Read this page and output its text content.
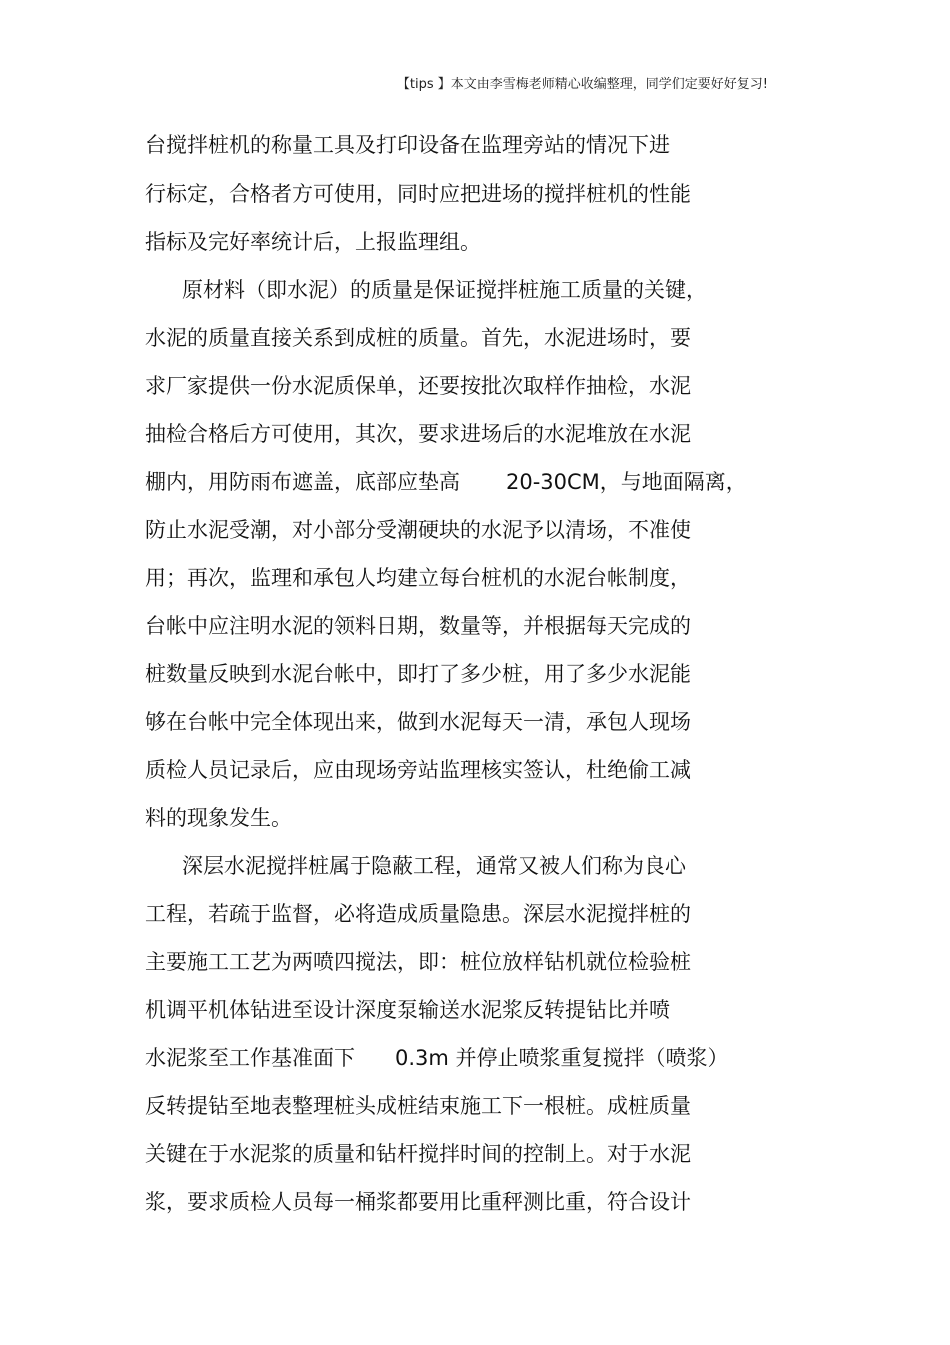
【tips 】本文由李雪梅老师精心收编整理，同学们定要好好复习!
台搅拌桩机的称量工具及打印设备在监理旁站的情况下进
行标定，合格者方可使用，同时应把进场的搅拌桩机的性能
指标及完好率统计后，上报监理组。
原材料（即水泥）的质量是保证搅拌桩施工质量的关键，
水泥的质量直接关系到成桩的质量。首先，水泥进场时，要
求厂家提供一份水泥质保单，还要按批次取样作抽检，水泥
抽检合格后方可使用，其次，要求进场后的水泥堆放在水泥
棚内，用防雨布遮盖，底部应垫高 20-30CM，与地面隔离，
防止水泥受潮，对小部分受潮硬块的水泥予以清场，不准使
用；再次，监理和承包人均建立每台桩机的水泥台帐制度，
台帐中应注明水泥的领料日期，数量等，并根据每天完成的
桩数量反映到水泥台帐中，即打了多少桩，用了多少水泥能
够在台帐中完全体现出来，做到水泥每天一清，承包人现场
质检人员记录后，应由现场旁站监理核实签认，杜绝偷工减
料的现象发生。
深层水泥搅拌桩属于隐蔽工程，通常又被人们称为良心
工程，若疏于监督，必将造成质量隐患。深层水泥搅拌桩的
主要施工工艺为两喷四搅法，即：桩位放样钻机就位检验桩
机调平机体钻进至设计深度泵输送水泥浆反转提钻比并喷
水泥浆至工作基准面下 0.3m 并停止喷浆重复搅拌（喷浆）
反转提钻至地表整理桩头成桩结束施工下一根桩。成桩质量
关键在于水泥浆的质量和钻杆搅拌时间的控制上。对于水泥
浆，要求质检人员每一桶浆都要用比重秤测比重，符合设计
